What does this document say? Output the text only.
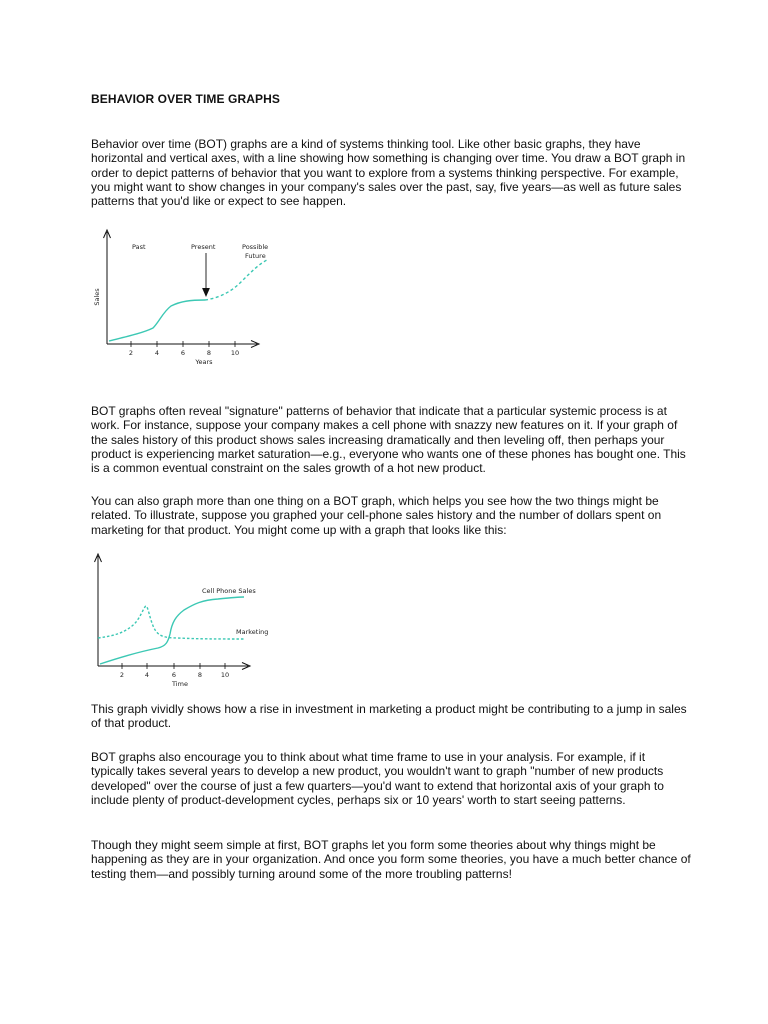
BEHAVIOR OVER TIME GRAPHS

Behavior over time (BOT) graphs are a kind of systems thinking tool. Like other basic graphs, they have horizontal and vertical axes, with a line showing how something is changing over time. You draw a BOT graph in order to depict patterns of behavior that you want to explore from a systems thinking perspective. For example, you might want to show changes in your company's sales over the past, say, five years—as well as future sales patterns that you'd like or expect to see happen.

2	4	6	8	10
Years
Sales
Past	Present	Possible
Future

BOT graphs often reveal "signature" patterns of behavior that indicate that a particular systemic process is at work. For instance, suppose your company makes a cell phone with snazzy new features on it. If your graph of the sales history of this product shows sales increasing dramatically and then leveling off, then perhaps your product is experiencing market saturation—e.g., everyone who wants one of these phones has bought one. This is a common eventual constraint on the sales growth of a hot new product.

You can also graph more than one thing on a BOT graph, which helps you see how the two things might be related. To illustrate, suppose you graphed your cell-phone sales history and the number of dollars spent on marketing for that product. You might come up with a graph that looks like this:

2	4	6	8	10
Time
Cell Phone Sales
Marketing

This graph vividly shows how a rise in investment in marketing a product might be contributing to a jump in sales of that product.

BOT graphs also encourage you to think about what time frame to use in your analysis. For example, if it typically takes several years to develop a new product, you wouldn't want to graph "number of new products developed" over the course of just a few quarters—you'd want to extend that horizontal axis of your graph to include plenty of product-development cycles, perhaps six or 10 years' worth to start seeing patterns.

Though they might seem simple at first, BOT graphs let you form some theories about why things might be happening as they are in your organization. And once you form some theories, you have a much better chance of testing them—and possibly turning around some of the more troubling patterns!
